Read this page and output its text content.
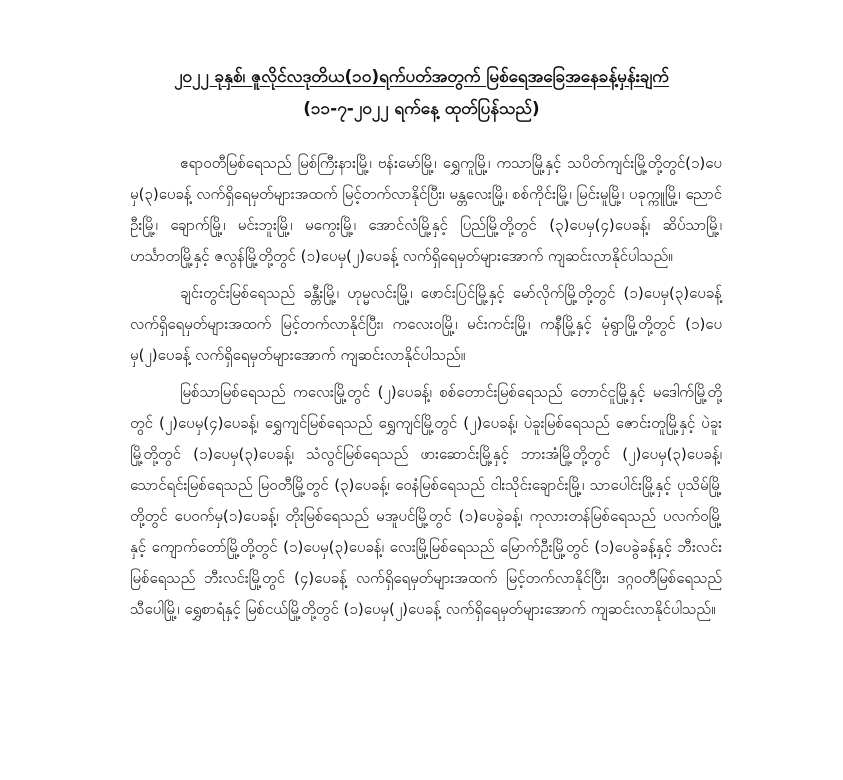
၂၀၂၂ ခုနှစ်၊ ဇူလိုင်လဒုတိယ(၁၀)ရက်ပတ်အတွက် မြစ်ရေအခြေအနေခန့်မှန်းချက်
(၁၁-၇-၂၀၂၂ ရက်နေ့ ထုတ်ပြန်သည်)

ဧရာဝတီမြစ်ရေသည် မြစ်ကြီးနားမြို့၊ ဗန်းမော်မြို့၊ ရွှေကူမြို့၊ ကသာမြို့နှင့် သပိတ်ကျင်းမြို့တို့တွင်(၁)ပေမှ(၃)ပေခန့် လက်ရှိရေမှတ်များအထက် မြင့်တက်လာနိုင်ပြီး၊ မန္တလေးမြို့၊ စစ်ကိုင်းမြို့၊ မြင်းမူမြို့၊ ပခုက္ကူမြို့၊ ညောင်ဦးမြို့၊ ချောက်မြို့၊ မင်းဘူးမြို့၊ မကွေးမြို့၊ အောင်လံမြို့နှင့် ပြည်မြို့တို့တွင် (၃)ပေမှ(၄)ပေခန့်၊ ဆိပ်သာမြို့၊ ဟင်္သာတမြို့နှင့် ဇလွန်မြို့တို့တွင် (၁)ပေမှ(၂)ပေခန့် လက်ရှိရေမှတ်များအောက် ကျဆင်းလာနိုင်ပါသည်။

ချင်းတွင်းမြစ်ရေသည် ခန္တီးမြို့၊ ဟုမ္မလင်းမြို့၊ ဖောင်းပြင်မြို့နှင့် မော်လိုက်မြို့တို့တွင် (၁)ပေမှ(၃)ပေခန့် လက်ရှိရေမှတ်များအထက် မြင့်တက်လာနိုင်ပြီး၊ ကလေးဝမြို့၊ မင်းကင်းမြို့၊ ကနီမြို့နှင့် မုံရွာမြို့တို့တွင် (၁)ပေမှ(၂)ပေခန့် လက်ရှိရေမှတ်များအောက် ကျဆင်းလာနိုင်ပါသည်။

မြစ်သာမြစ်ရေသည် ကလေးမြို့တွင် (၂)ပေခန့်၊ စစ်တောင်းမြစ်ရေသည် တောင်ငူမြို့နှင့် မဒေါက်မြို့တို့တွင် (၂)ပေမှ(၄)ပေခန့်၊ ရွှေကျင်မြစ်ရေသည် ရွှေကျင်မြို့တွင် (၂)ပေခန့်၊ ပဲခူးမြစ်ရေသည် ဇောင်းတူမြို့နှင့် ပဲခူးမြို့တို့တွင် (၁)ပေမှ(၃)ပေခန့်၊ သံလွင်မြစ်ရေသည် ဖားဆောင်းမြို့နှင့် ဘားအံမြို့တို့တွင် (၂)ပေမှ(၃)ပေခန့်၊ သောင်ရင်းမြစ်ရေသည် မြဝတီမြို့တွင် (၃)ပေခန့်၊ ဝေနံမြစ်ရေသည် ငါးသိုင်းချောင်းမြို့၊ သာပေါင်းမြို့နှင့် ပုသိမ်မြို့တို့တွင် ပေဝက်မှ(၁)ပေခန့်၊ တိုးမြစ်ရေသည် မအူပင်မြို့တွင် (၁)ပေခွဲခန့်၊ ကုလားတန်မြစ်ရေသည် ပလက်ဝမြို့နှင့် ကျောက်တော်မြို့တို့တွင် (၁)ပေမှ(၃)ပေခန့်၊ လေးမြို့မြစ်ရေသည် မြောက်ဦးမြို့တွင် (၁)ပေခွဲခန့်နှင့် ဘီးလင်းမြစ်ရေသည် ဘီးလင်းမြို့တွင် (၄)ပေခန့် လက်ရှိရေမှတ်များအထက် မြင့်တက်လာနိုင်ပြီး၊ ဒဂ္ဂဝတီမြစ်ရေသည် သီပေါမြို့၊ ရွှေစာရံနှင့် မြစ်ငယ်မြို့တို့တွင် (၁)ပေမှ(၂)ပေခန့် လက်ရှိရေမှတ်များအောက် ကျဆင်းလာနိုင်ပါသည်။
